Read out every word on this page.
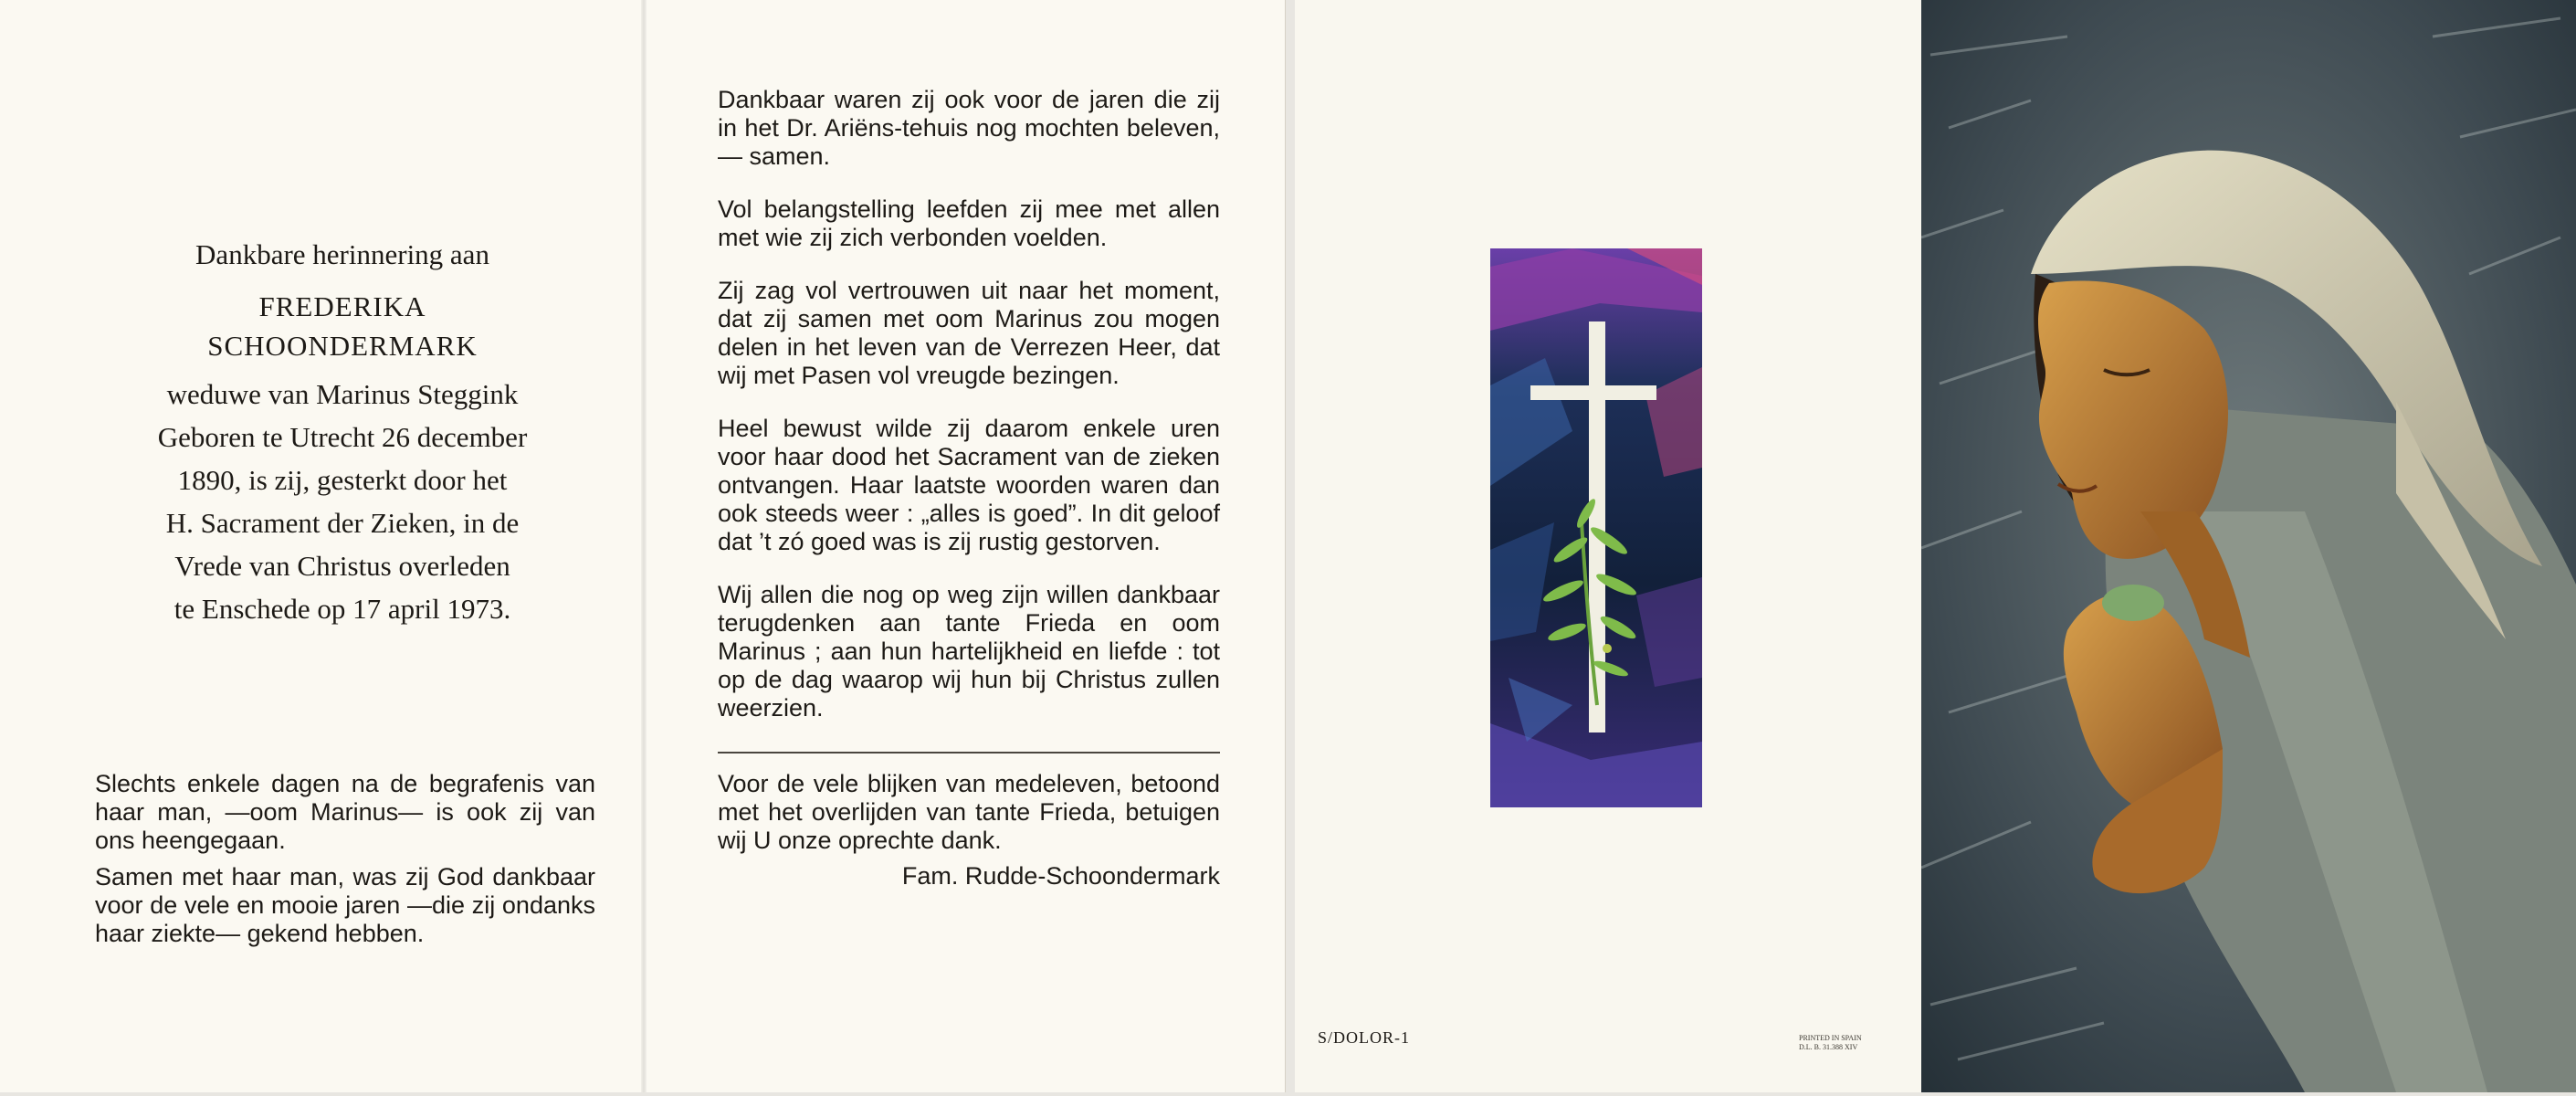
Dankbare herinnering aan
FREDERIKA
SCHOONDERMARK
weduwe van Marinus Steggink
Geboren te Utrecht 26 december
1890, is zij, gesterkt door het
H. Sacrament der Zieken, in de
Vrede van Christus overleden
te Enschede op 17 april 1973.

Slechts enkele dagen na de begrafenis van haar man, —oom Marinus— is ook zij van ons heengegaan.

Samen met haar man, was zij God dankbaar voor de vele en mooie jaren —die zij ondanks haar ziekte— gekend hebben.

Dankbaar waren zij ook voor de jaren die zij in het Dr. Ariëns-tehuis nog mochten beleven, — samen.

Vol belangstelling leefden zij mee met allen met wie zij zich verbonden voelden.

Zij zag vol vertrouwen uit naar het moment, dat zij samen met oom Marinus zou mogen delen in het leven van de Verrezen Heer, dat wij met Pasen vol vreugde bezingen.

Heel bewust wilde zij daarom enkele uren voor haar dood het Sacrament van de zieken ontvangen. Haar laatste woorden waren dan ook steeds weer : „alles is goed”. In dit geloof dat ’t zó goed was is zij rustig gestorven.

Wij allen die nog op weg zijn willen dankbaar terugdenken aan tante Frieda en oom Marinus ; aan hun hartelijkheid en liefde : tot op de dag waarop wij hun bij Christus zullen weerzien.

Voor de vele blijken van medeleven, betoond met het overlijden van tante Frieda, betuigen wij U onze oprechte dank.

Fam. Rudde-Schoondermark
S/DOLOR-1	PRINTED IN SPAIN
D.L. B. 31.388 XIV
